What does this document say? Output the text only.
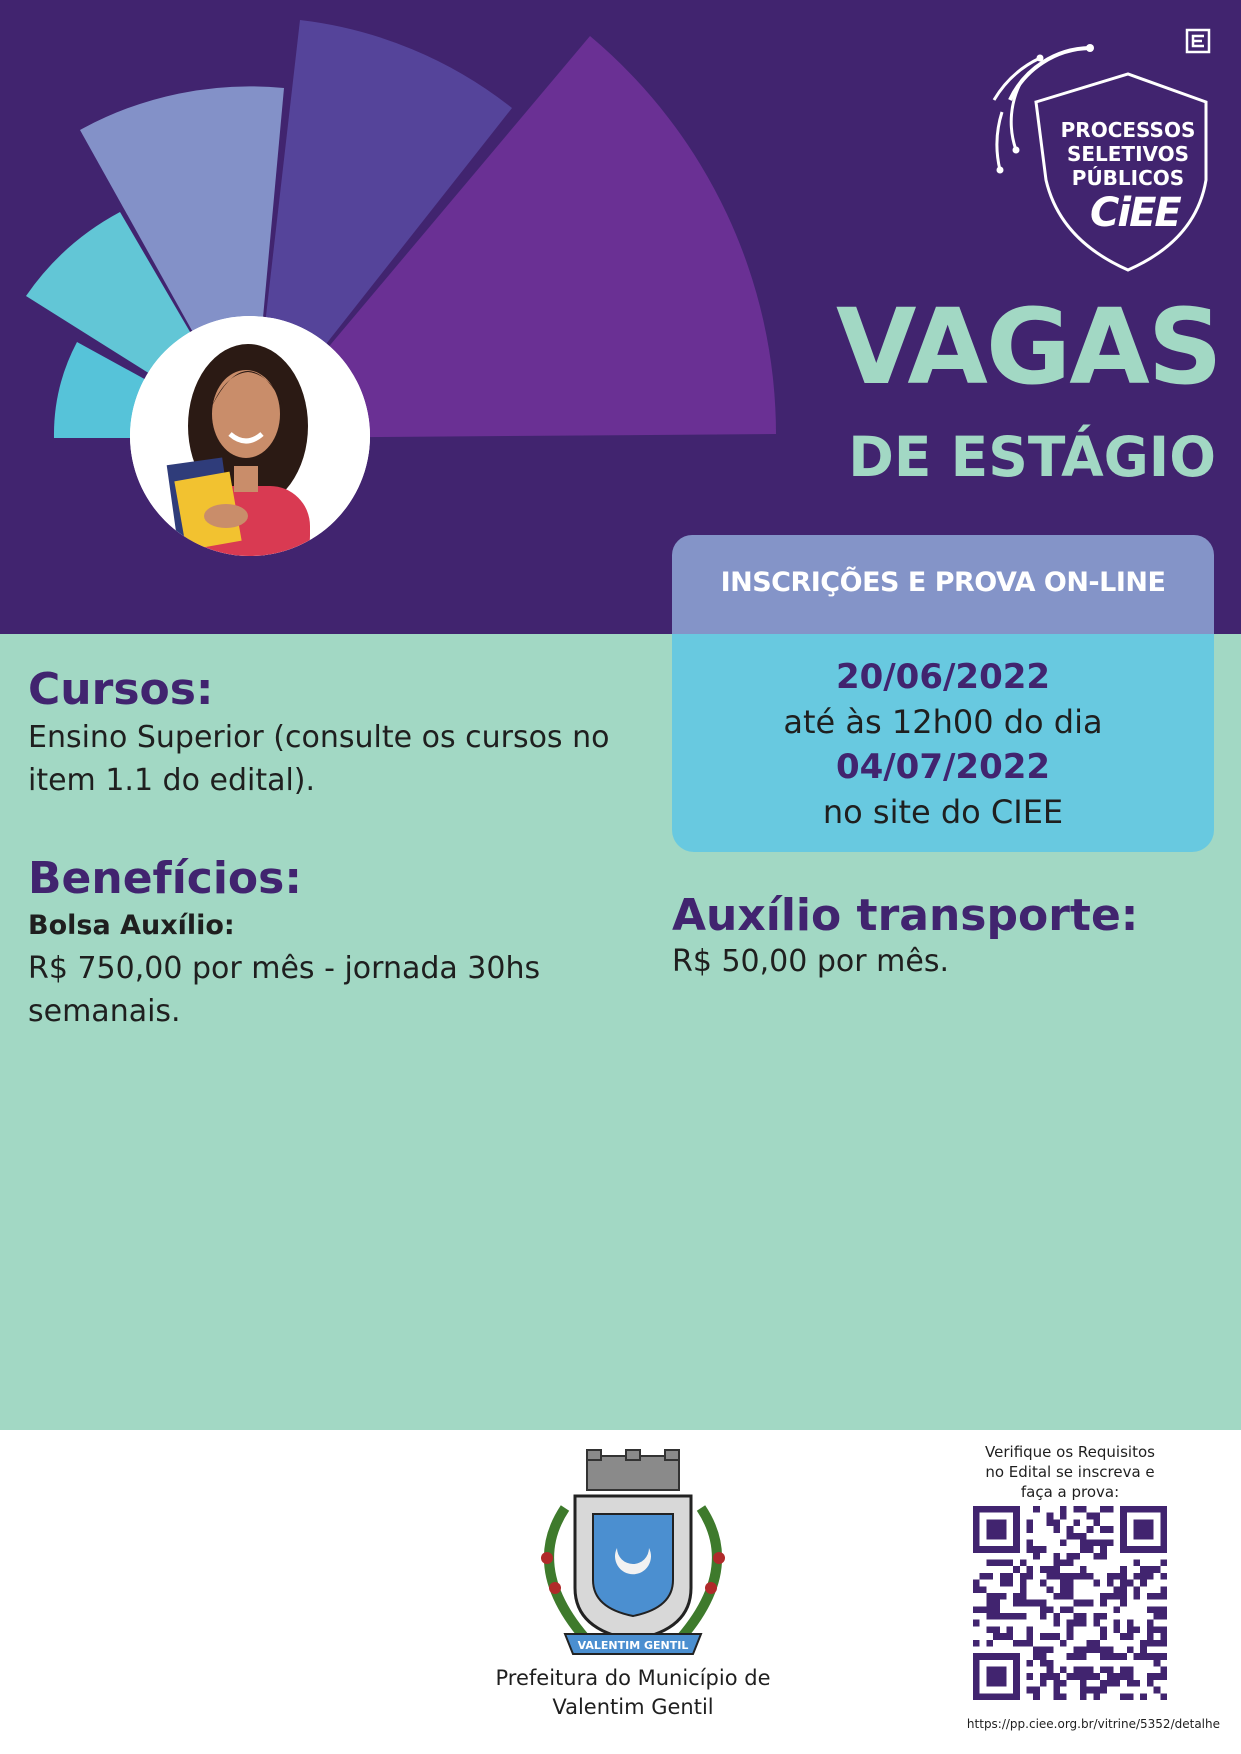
PROCESSOS
SELETIVOS
PÚBLICOS
CiEE
VAGAS
DE ESTÁGIO
INSCRIÇÕES E PROVA ON-LINE
20/06/2022
até às 12h00 do dia
04/07/2022
no site do CIEE
Cursos:
Ensino Superior (consulte os cursos no item 1.1 do edital).
Benefícios:
Bolsa Auxílio:
R$ 750,00 por mês - jornada 30hs semanais.
Auxílio transporte:
R$ 50,00 por mês.
VALENTIM GENTIL
Prefeitura do Município de
Valentim Gentil
Verifique os Requisitos
no Edital se inscreva e
faça a prova:
https://pp.ciee.org.br/vitrine/5352/detalhe
